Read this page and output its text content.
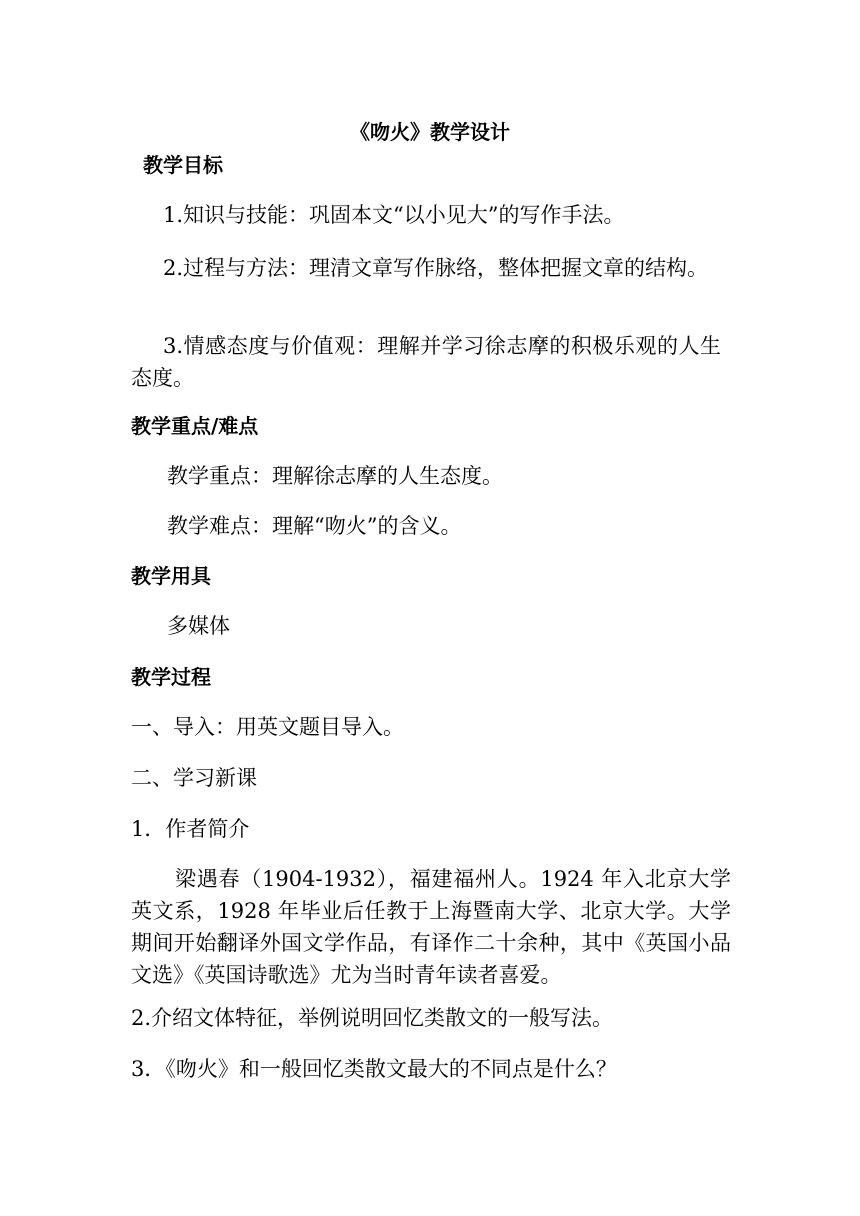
《吻火》教学设计
教学目标
1.知识与技能：巩固本文“以小见大”的写作手法。
2.过程与方法：理清文章写作脉络，整体把握文章的结构。
3.情感态度与价值观：理解并学习徐志摩的积极乐观的人生态度。
教学重点/难点
教学重点：理解徐志摩的人生态度。
教学难点：理解“吻火”的含义。
教学用具
多媒体
教学过程
一、导入：用英文题目导入。
二、学习新课
1．作者简介
梁遇春（1904-1932），福建福州人。1924 年入北京大学英文系，1928 年毕业后任教于上海暨南大学、北京大学。大学期间开始翻译外国文学作品，有译作二十余种，其中《英国小品文选》《英国诗歌选》尤为当时青年读者喜爱。
2.介绍文体特征，举例说明回忆类散文的一般写法。
3．《吻火》和一般回忆类散文最大的不同点是什么？
